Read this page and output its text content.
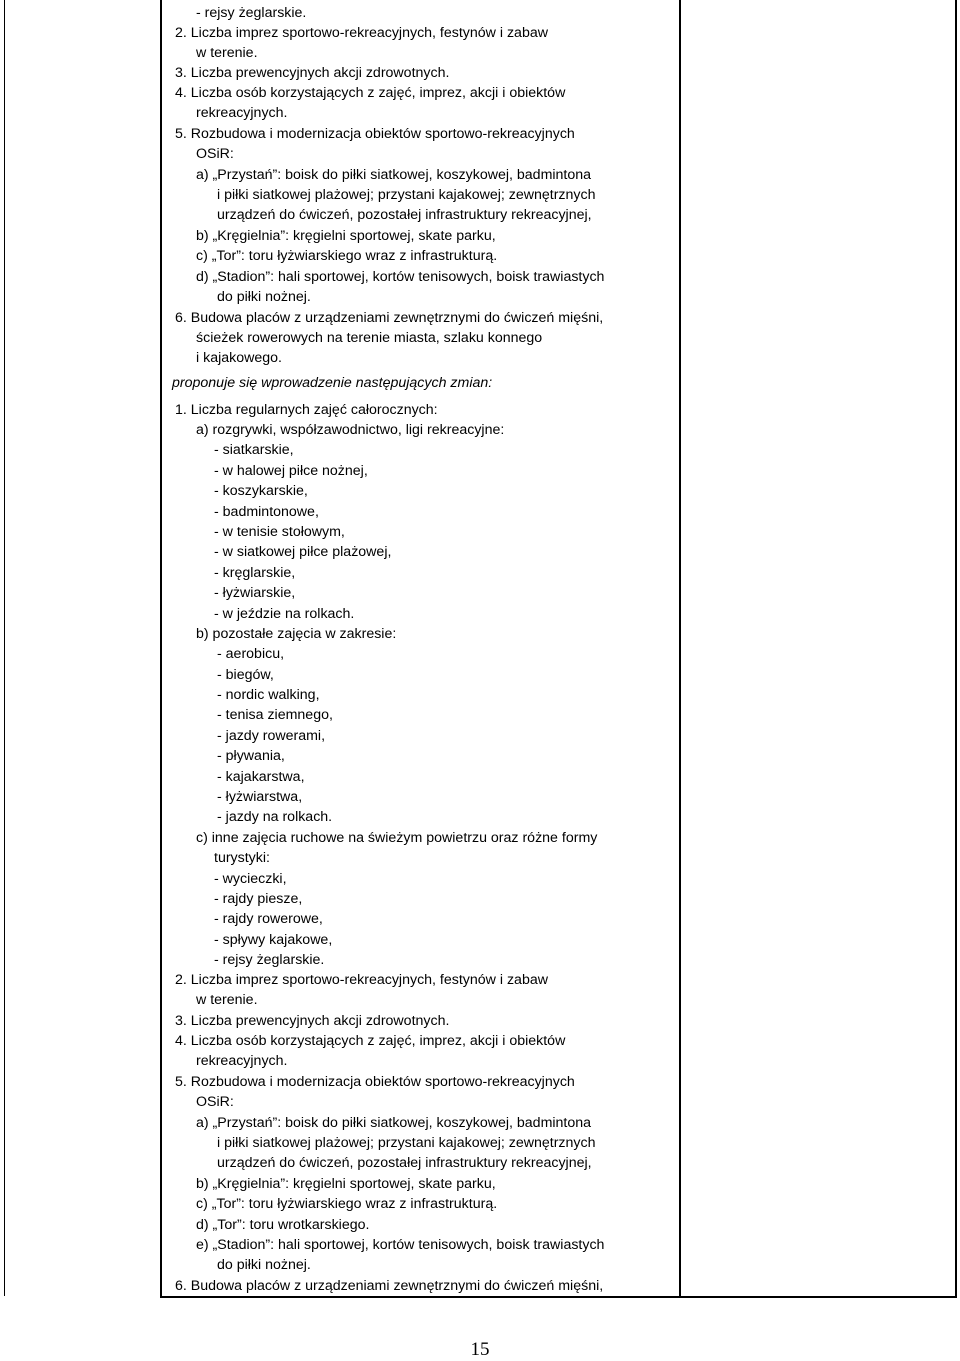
- rejsy żeglarskie.
2. Liczba imprez sportowo-rekreacyjnych, festynów i zabaw
w terenie.
3. Liczba prewencyjnych akcji zdrowotnych.
4. Liczba osób korzystających z zajęć, imprez, akcji i obiektów
rekreacyjnych.
5. Rozbudowa i modernizacja obiektów sportowo-rekreacyjnych
OSiR:
a) „Przystań”: boisk do piłki siatkowej, koszykowej, badmintona
i piłki siatkowej plażowej; przystani kajakowej; zewnętrznych
urządzeń do ćwiczeń, pozostałej infrastruktury rekreacyjnej,
b) „Kręgielnia”: kręgielni sportowej, skate parku,
c) „Tor”: toru łyżwiarskiego wraz z infrastrukturą.
d) „Stadion”: hali sportowej, kortów tenisowych, boisk trawiastych
do piłki nożnej.
6. Budowa placów z urządzeniami zewnętrznymi do ćwiczeń mięśni,
ścieżek rowerowych na terenie miasta, szlaku konnego
i kajakowego.
proponuje się wprowadzenie następujących zmian:
1. Liczba regularnych zajęć całorocznych:
a) rozgrywki, współzawodnictwo, ligi rekreacyjne:
- siatkarskie,
- w halowej piłce nożnej,
- koszykarskie,
- badmintonowe,
- w tenisie stołowym,
- w siatkowej piłce plażowej,
- kręglarskie,
- łyżwiarskie,
- w jeździe na rolkach.
b) pozostałe zajęcia w zakresie:
- aerobicu,
- biegów,
- nordic walking,
- tenisa ziemnego,
- jazdy rowerami,
- pływania,
- kajakarstwa,
- łyżwiarstwa,
- jazdy na rolkach.
c) inne zajęcia ruchowe na świeżym powietrzu oraz różne formy
turystyki:
- wycieczki,
- rajdy piesze,
- rajdy rowerowe,
- spływy kajakowe,
- rejsy żeglarskie.
2. Liczba imprez sportowo-rekreacyjnych, festynów i zabaw
w terenie.
3. Liczba prewencyjnych akcji zdrowotnych.
4. Liczba osób korzystających z zajęć, imprez, akcji i obiektów
rekreacyjnych.
5. Rozbudowa i modernizacja obiektów sportowo-rekreacyjnych
OSiR:
a) „Przystań”: boisk do piłki siatkowej, koszykowej, badmintona
i piłki siatkowej plażowej; przystani kajakowej; zewnętrznych
urządzeń do ćwiczeń, pozostałej infrastruktury rekreacyjnej,
b) „Kręgielnia”: kręgielni sportowej, skate parku,
c) „Tor”: toru łyżwiarskiego wraz z infrastrukturą.
d) „Tor”: toru wrotkarskiego.
e) „Stadion”: hali sportowej, kortów tenisowych, boisk trawiastych
do piłki nożnej.
6. Budowa placów z urządzeniami zewnętrznymi do ćwiczeń mięśni,
15
